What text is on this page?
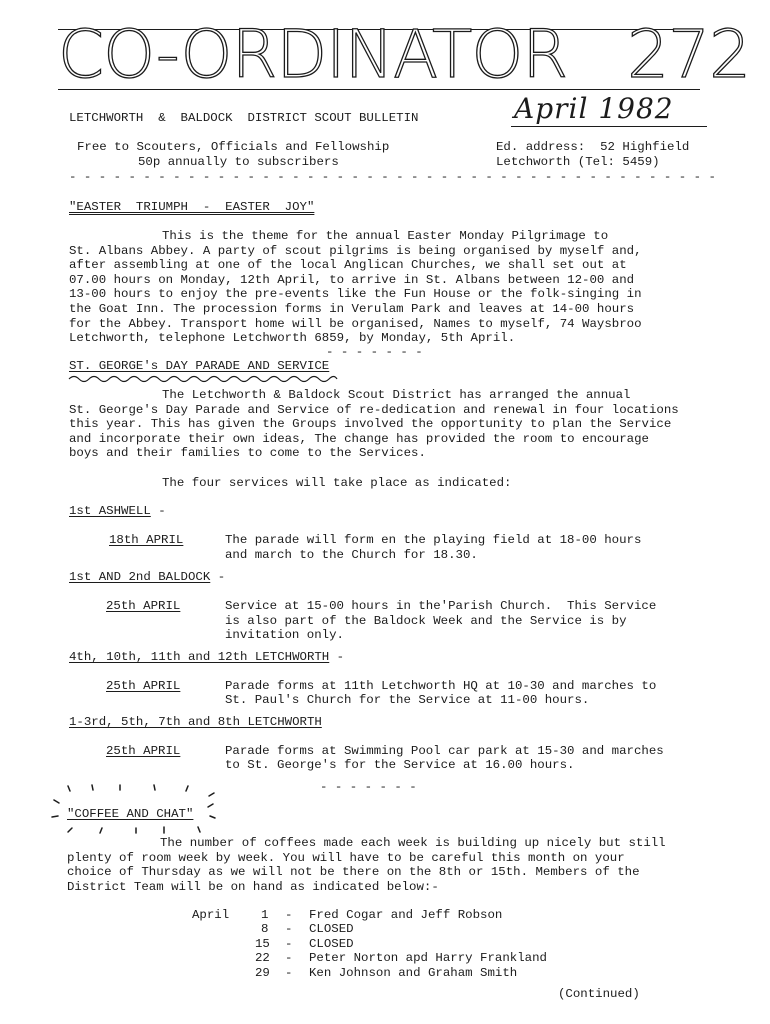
CO-ORDINATOR 272
LETCHWORTH  &  BALDOCK  DISTRICT SCOUT BULLETIN	April 1982
Free to Scouters, Officials and Fellowship
50p annually to subscribers
Ed. address:  52 Highfield
Letchworth (Tel: 5459)
- - - - - - - - - - - - - - - - - - - - - - - - - - - - - - - - - - - - - - - - - - - -
"EASTER  TRIUMPH  -  EASTER  JOY"
This is the theme for the annual Easter Monday Pilgrimage to
St. Albans Abbey. A party of scout pilgrims is being organised by myself and,
after assembling at one of the local Anglican Churches, we shall set out at
07.00 hours on Monday, 12th April, to arrive in St. Albans between 12-00 and
13-00 hours to enjoy the pre-events like the Fun House or the folk-singing in
the Goat Inn. The procession forms in Verulam Park and leaves at 14-00 hours
for the Abbey. Transport home will be organised, Names to myself, 74 Waysbroo
Letchworth, telephone Letchworth 6859, by Monday, 5th April.
- - - - - - -
ST. GEORGE's DAY PARADE AND SERVICE
The Letchworth & Baldock Scout District has arranged the annual
St. George's Day Parade and Service of re-dedication and renewal in four locations
this year. This has given the Groups involved the opportunity to plan the Service
and incorporate their own ideas, The change has provided the room to encourage
boys and their families to come to the Services.
The four services will take place as indicated:
1st ASHWELL -
18th APRIL	The parade will form en the playing field at 18-00 hours
and march to the Church for 18.30.
1st AND 2nd BALDOCK -
25th APRIL	Service at 15-00 hours in the'Parish Church.  This Service
is also part of the Baldock Week and the Service is by
invitation only.
4th, 10th, 11th and 12th LETCHWORTH -
25th APRIL	Parade forms at 11th Letchworth HQ at 10-30 and marches to
St. Paul's Church for the Service at 11-00 hours.
1-3rd, 5th, 7th and 8th LETCHWORTH
25th APRIL	Parade forms at Swimming Pool car park at 15-30 and marches
to St. George's for the Service at 16.00 hours.
- - - - - - -
"COFFEE AND CHAT"
The number of coffees made each week is building up nicely but still
plenty of room week by week. You will have to be careful this month on your
choice of Thursday as we will not be there on the 8th or 15th. Members of the
District Team will be on hand as indicated below:-
April	1 - Fred Cogar and Jeff Robson
8 - CLOSED
15 - CLOSED
22 - Peter Norton apd Harry Frankland
29 - Ken Johnson and Graham Smith
(Continued)
